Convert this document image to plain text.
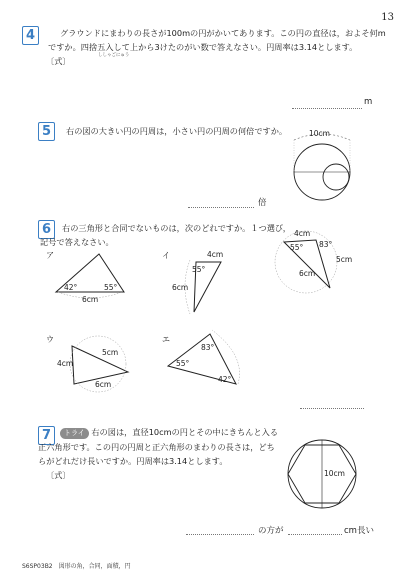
13
4
ししゃごにゅう
グラウンドにまわりの長さが100mの円がかいてあります。この円の直径は，およそ何m
ですか。四捨五入して上から3けたのがい数で答えなさい。円周率は3.14とします。
〔式〕
m
5	右の図の大きい円の円周は，小さい円の円周の何倍ですか。	10cm
倍
6	右の三角形と合同でないものは，次のどれですか。１つ選び，
記号で答えなさい。
4cm
55° 83°
5cm
6cm
ア
42°	55°
6cm
イ	4cm
55°
6cm
ウ
5cm
4cm
6cm
エ
83°
55°
42°
7	トライ 右の図は，直径10cmの円とその中にきちんと入る
正六角形です。この円の円周と正六角形のまわりの長さは，どち
らがどれだけ長いですか。円周率は3.14とします。
〔式〕	10cm
の方が	cm長い
S6SP03B2　図形の角，合同，面積，円
